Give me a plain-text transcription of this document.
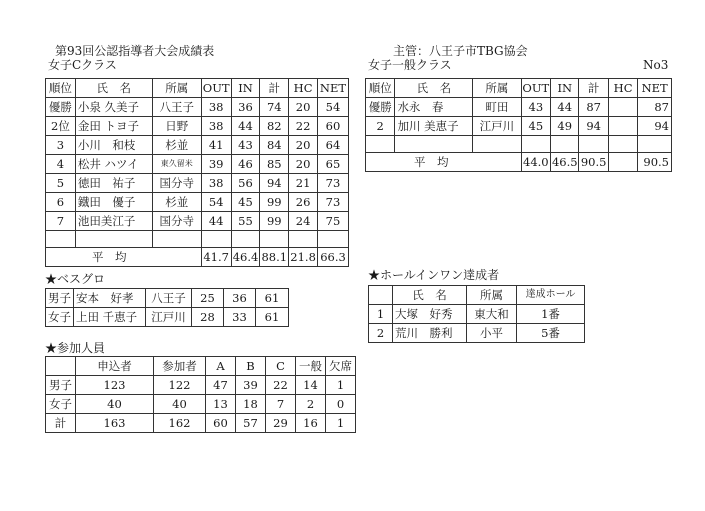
第93回公認指導者大会成績表
女子Cクラス
主管：八王子市TBG協会
女子一般クラス	No3
順位	氏　名	所属	OUT	IN	計	HC	NET
優勝	小泉 久美子	八王子	38	36	74	20	54
2位	金田 トヨ子	日野	38	44	82	22	60
3	小川　和枝	杉並	41	43	84	20	64
4	松井 ハツイ	東久留米	39	46	85	20	65
5	徳田　祐子	国分寺	38	56	94	21	73
6	鐡田　優子	杉並	54	45	99	26	73
7	池田美江子	国分寺	44	55	99	24	75

平　均			41.7	46.4	88.1	21.8	66.3
順位	氏　名	所属	OUT	IN	計	HC	NET
優勝	水永　春	町田	43	44	87		87
2	加川 美恵子	江戸川	45	49	94		94

平　均			44.0	46.5	90.5		90.5
★ベスグロ
男子	安本　好孝	八王子	25	36	61
女子	上田 千恵子	江戸川	28	33	61
★ホールインワン達成者
	氏　名	所属	達成ホール
1	大塚　好秀	東大和	1番
2	荒川　勝利	小平	5番
★参加人員
	申込者	参加者	A	B	C	一般	欠席
男子	123	122	47	39	22	14	1
女子	40	40	13	18	7	2	0
計	163	162	60	57	29	16	1
